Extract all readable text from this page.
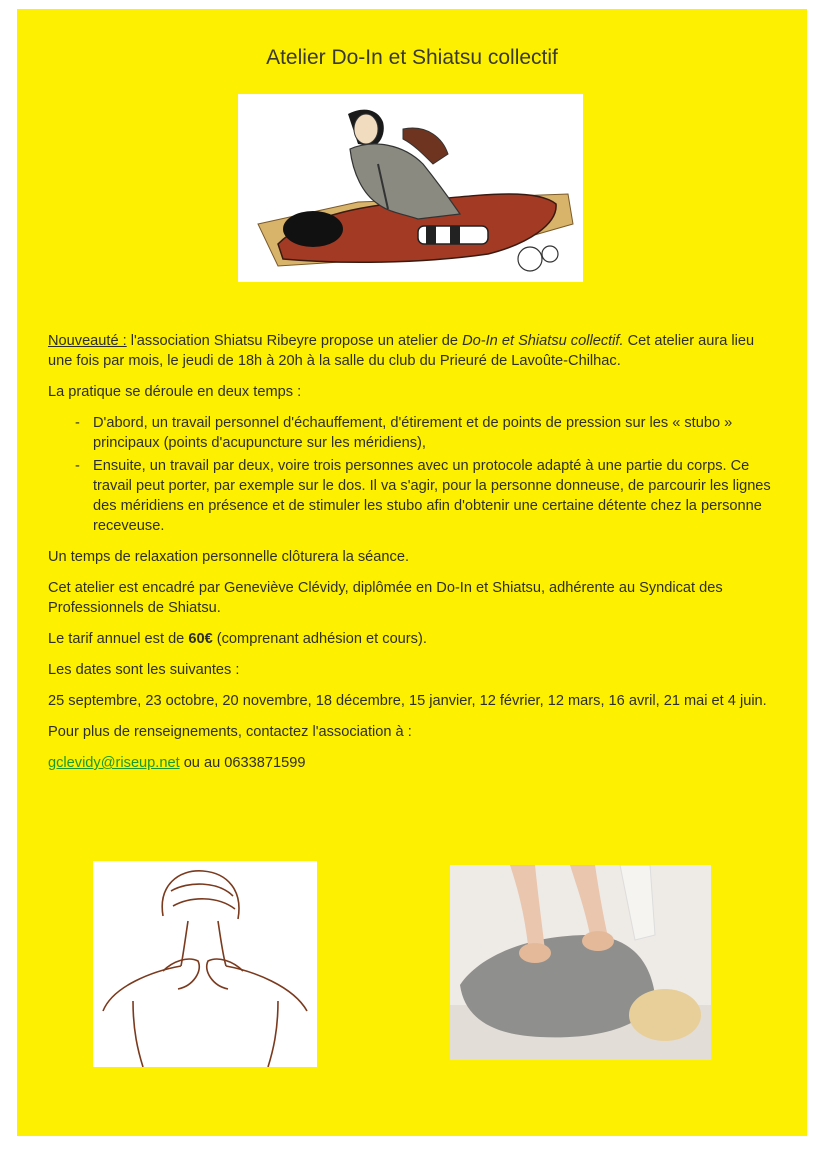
Atelier Do-In et Shiatsu collectif

Nouveauté : l'association Shiatsu Ribeyre propose un atelier de Do-In et Shiatsu collectif. Cet atelier aura lieu une fois par mois, le jeudi de 18h à 20h à la salle du club du Prieuré de Lavoûte-Chilhac.

La pratique se déroule en deux temps :

- D'abord, un travail personnel d'échauffement, d'étirement et de points de pression sur les « stubo » principaux (points d'acupuncture sur les méridiens),
- Ensuite, un travail par deux, voire trois personnes avec un protocole adapté à une partie du corps. Ce travail peut porter, par exemple sur le dos. Il va s'agir, pour la personne donneuse, de parcourir les lignes des méridiens en présence et de stimuler les stubo afin d'obtenir une certaine détente chez la personne receveuse.

Un temps de relaxation personnelle clôturera la séance.

Cet atelier est encadré par Geneviève Clévidy, diplômée en Do-In et Shiatsu, adhérente au Syndicat des Professionnels de Shiatsu.

Le tarif annuel est de 60€ (comprenant adhésion et cours).

Les dates sont les suivantes :

25 septembre, 23 octobre, 20 novembre, 18 décembre, 15 janvier, 12 février, 12 mars, 16 avril, 21 mai et 4 juin.

Pour plus de renseignements, contactez l'association à :

gclevidy@riseup.net ou au 0633871599
